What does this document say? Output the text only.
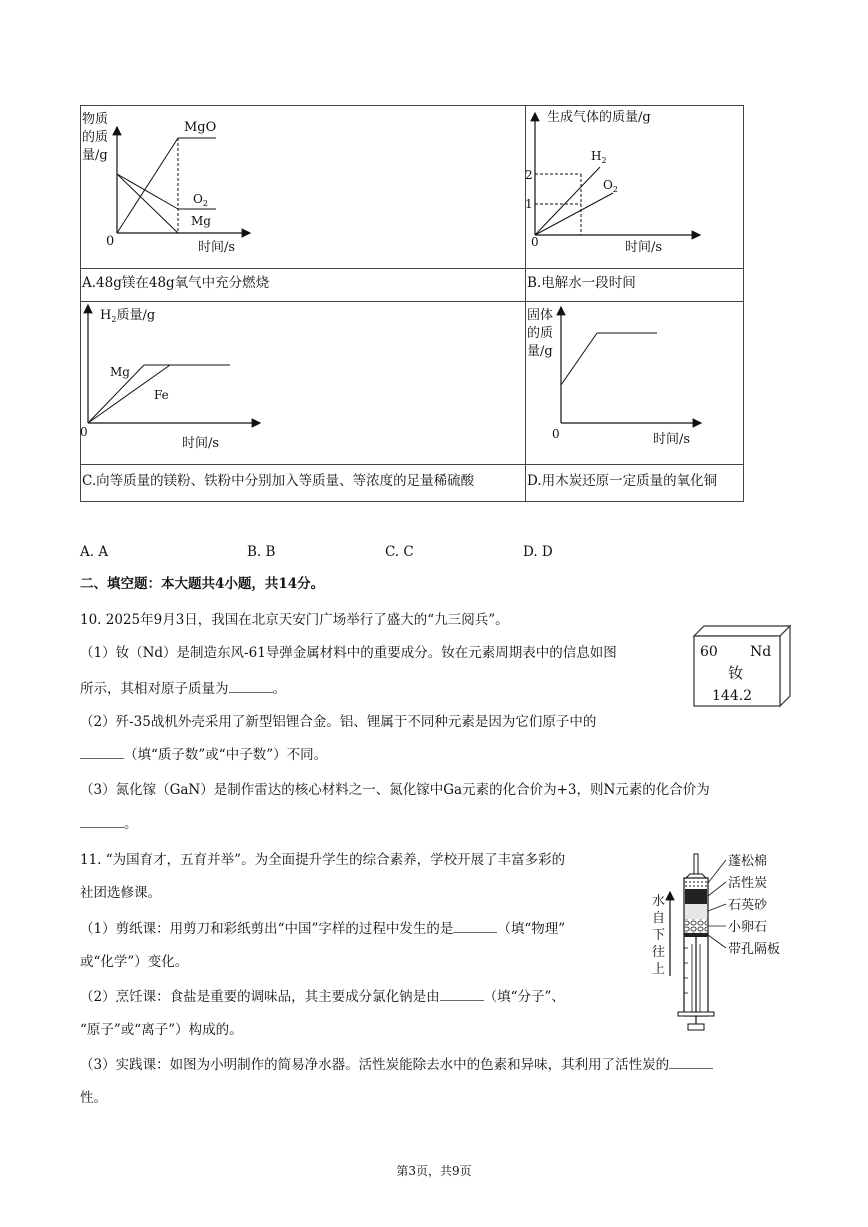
物质
的质
量/g
0	时间/s
MgO
$O_2$
Mg
生成气体的质量/g
0	时间/s
2
1
$H_2$
$O_2$
A.48g镁在48g氧气中充分燃烧	B.电解水一段时间
$H_2$质量/g
0
时间/s
Mg
Fe
固体
的质
量/g
0	时间/s
C.向等质量的镁粉、铁粉中分别加入等质量、等浓度的足量稀硫酸	D.用木炭还原一定质量的氧化铜
A. A	B. B	C. C	D. D
二、填空题：本大题共4小题，共14分。
10. 2025年9月3日，我国在北京天安门广场举行了盛大的“九三阅兵”。
（1）钕（Nd）是制造东风-61导弹金属材料中的重要成分。钕在元素周期表中的信息如图
所示，其相对原子质量为	。
（2）歼-35战机外壳采用了新型铝锂合金。铝、锂属于不同种元素是因为它们原子中的
（填“质子数”或“中子数”）不同。
（3）氮化镓（GaN）是制作雷达的核心材料之一、氮化镓中Ga元素的化合价为+3，则N元素的化合价为
。
60 Nd
钕
144.2
11. “为国育才，五育并举”。为全面提升学生的综合素养，学校开展了丰富多彩的
社团选修课。
（1）剪纸课：用剪刀和彩纸剪出“中国”字样的过程中发生的是	（填“物理”
或“化学”）变化。
（2）烹饪课：食盐是重要的调味品，其主要成分氯化钠是由	（填“分子”、
“原子”或“离子”）构成的。
（3）实践课：如图为小明制作的简易净水器。活性炭能除去水中的色素和异味，其利用了活性炭的
性。
水
自
下
往
上
蓬松棉
活性炭
石英砂
小卵石
带孔隔板
第3页，共9页
